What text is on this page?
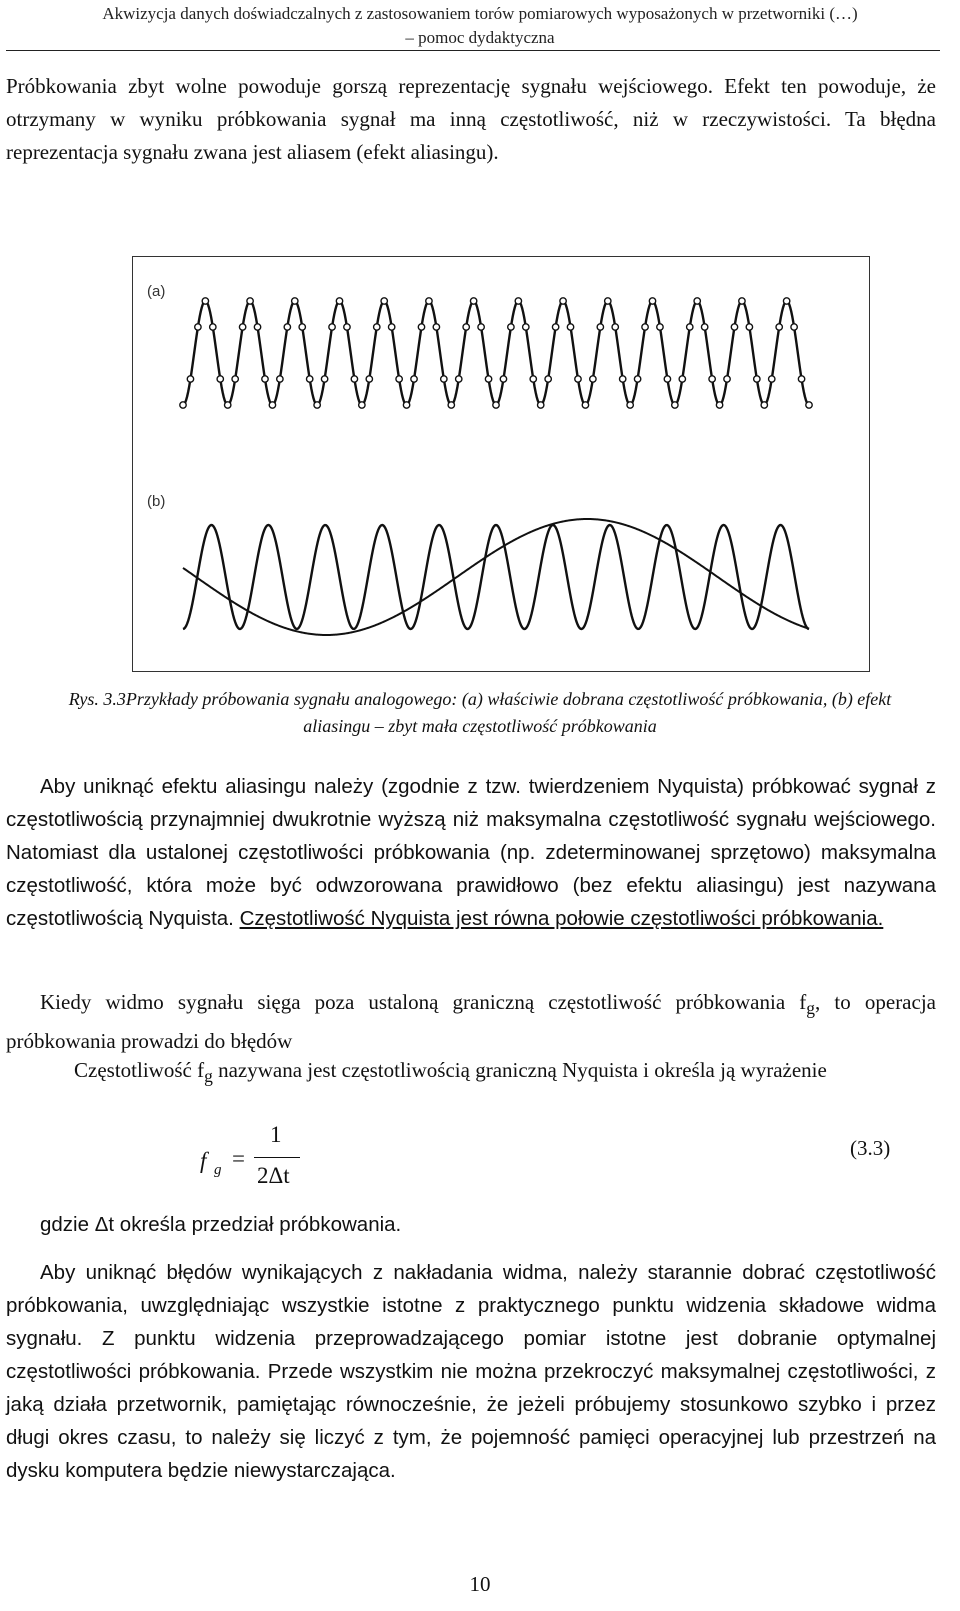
Akwizycja danych doświadczalnych z zastosowaniem torów pomiarowych wyposażonych w przetworniki (…)
– pomoc dydaktyczna

Próbkowania zbyt wolne powoduje gorszą reprezentację sygnału wejściowego. Efekt ten powoduje, że otrzymany w wyniku próbkowania sygnał ma inną częstotliwość, niż w rzeczywistości. Ta błędna reprezentacja sygnału zwana jest aliasem (efekt aliasingu).

(a)
(b)

Rys. 3.3Przykłady próbowania sygnału analogowego: (a) właściwie dobrana częstotliwość próbkowania, (b) efekt aliasingu – zbyt mała częstotliwość próbkowania

Aby uniknąć efektu aliasingu należy (zgodnie z tzw. twierdzeniem Nyquista) próbkować sygnał z częstotliwością przynajmniej dwukrotnie wyższą niż maksymalna częstotliwość sygnału wejściowego. Natomiast dla ustalonej częstotliwości próbkowania (np. zdeterminowanej sprzętowo) maksymalna częstotliwość, która może być odwzorowana prawidłowo (bez efektu aliasingu) jest nazywana częstotliwością Nyquista. Częstotliwość Nyquista jest równa połowie częstotliwości próbkowania.

Kiedy widmo sygnału sięga poza ustaloną graniczną częstotliwość próbkowania $f_g$, to operacja próbkowania prowadzi do błędów

Częstotliwość $f_g$ nazywana jest częstotliwością graniczną Nyquista i określa ją wyrażenie

f g =
1
2Δt
(3.3)

gdzie Δt określa przedział próbkowania.

Aby uniknąć błędów wynikających z nakładania widma, należy starannie dobrać częstotliwość próbkowania, uwzględniając wszystkie istotne z praktycznego punktu widzenia składowe widma sygnału. Z punktu widzenia przeprowadzającego pomiar istotne jest dobranie optymalnej częstotliwości próbkowania. Przede wszystkim nie można przekroczyć maksymalnej częstotliwości, z jaką działa przetwornik, pamiętając równocześnie, że jeżeli próbujemy stosunkowo szybko i przez długi okres czasu, to należy się liczyć z tym, że pojemność pamięci operacyjnej lub przestrzeń na dysku komputera będzie niewystarczająca.

10
